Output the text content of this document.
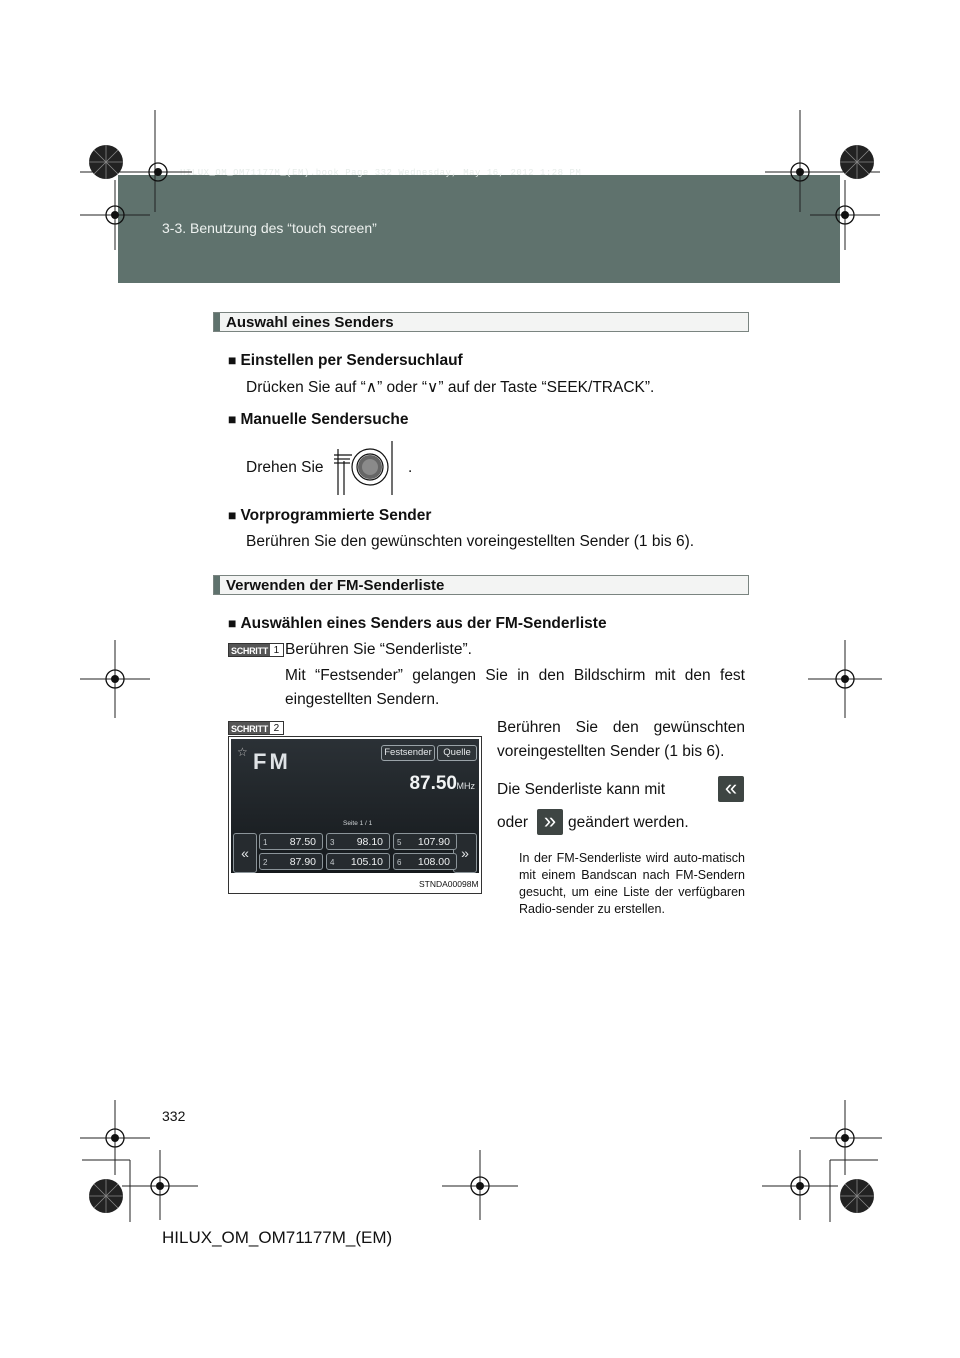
HILUX_OM_OM71177M_(EM).book Page 332 Wednesday, May 16, 2012 1:28 PM
3-3. Benutzung des “touch screen”
Auswahl eines Senders
■ Einstellen per Sendersuchlauf
Drücken Sie auf “∧” oder “∨” auf der Taste “SEEK/TRACK”.
■ Manuelle Sendersuche
Drehen Sie	.
■ Vorprogrammierte Sender
Berühren Sie den gewünschten voreingestellten Sender (1 bis 6).
Verwenden der FM-Senderliste
■ Auswählen eines Senders aus der FM-Senderliste
SCHRITT 1 Berühren Sie “Senderliste”.
Mit “Festsender” gelangen Sie in den Bildschirm mit den fest eingestellten Sendern.
SCHRITT 2
☆ FM	Festsender	Quelle
87.50 MHz
Seite 1 / 1
«	»
1 87.50 3 98.10 5 107.90
2 87.90 4 105.10 6 108.00
STNDA00098M
Berühren Sie den gewünschten voreingestellten Sender (1 bis 6).
Die Senderliste kann mit	«
oder » geändert werden.
In der FM-Senderliste wird auto-matisch mit einem Bandscan nach FM-Sendern gesucht, um eine Liste der verfügbaren Radio-sender zu erstellen.
332
HILUX_OM_OM71177M_(EM)
